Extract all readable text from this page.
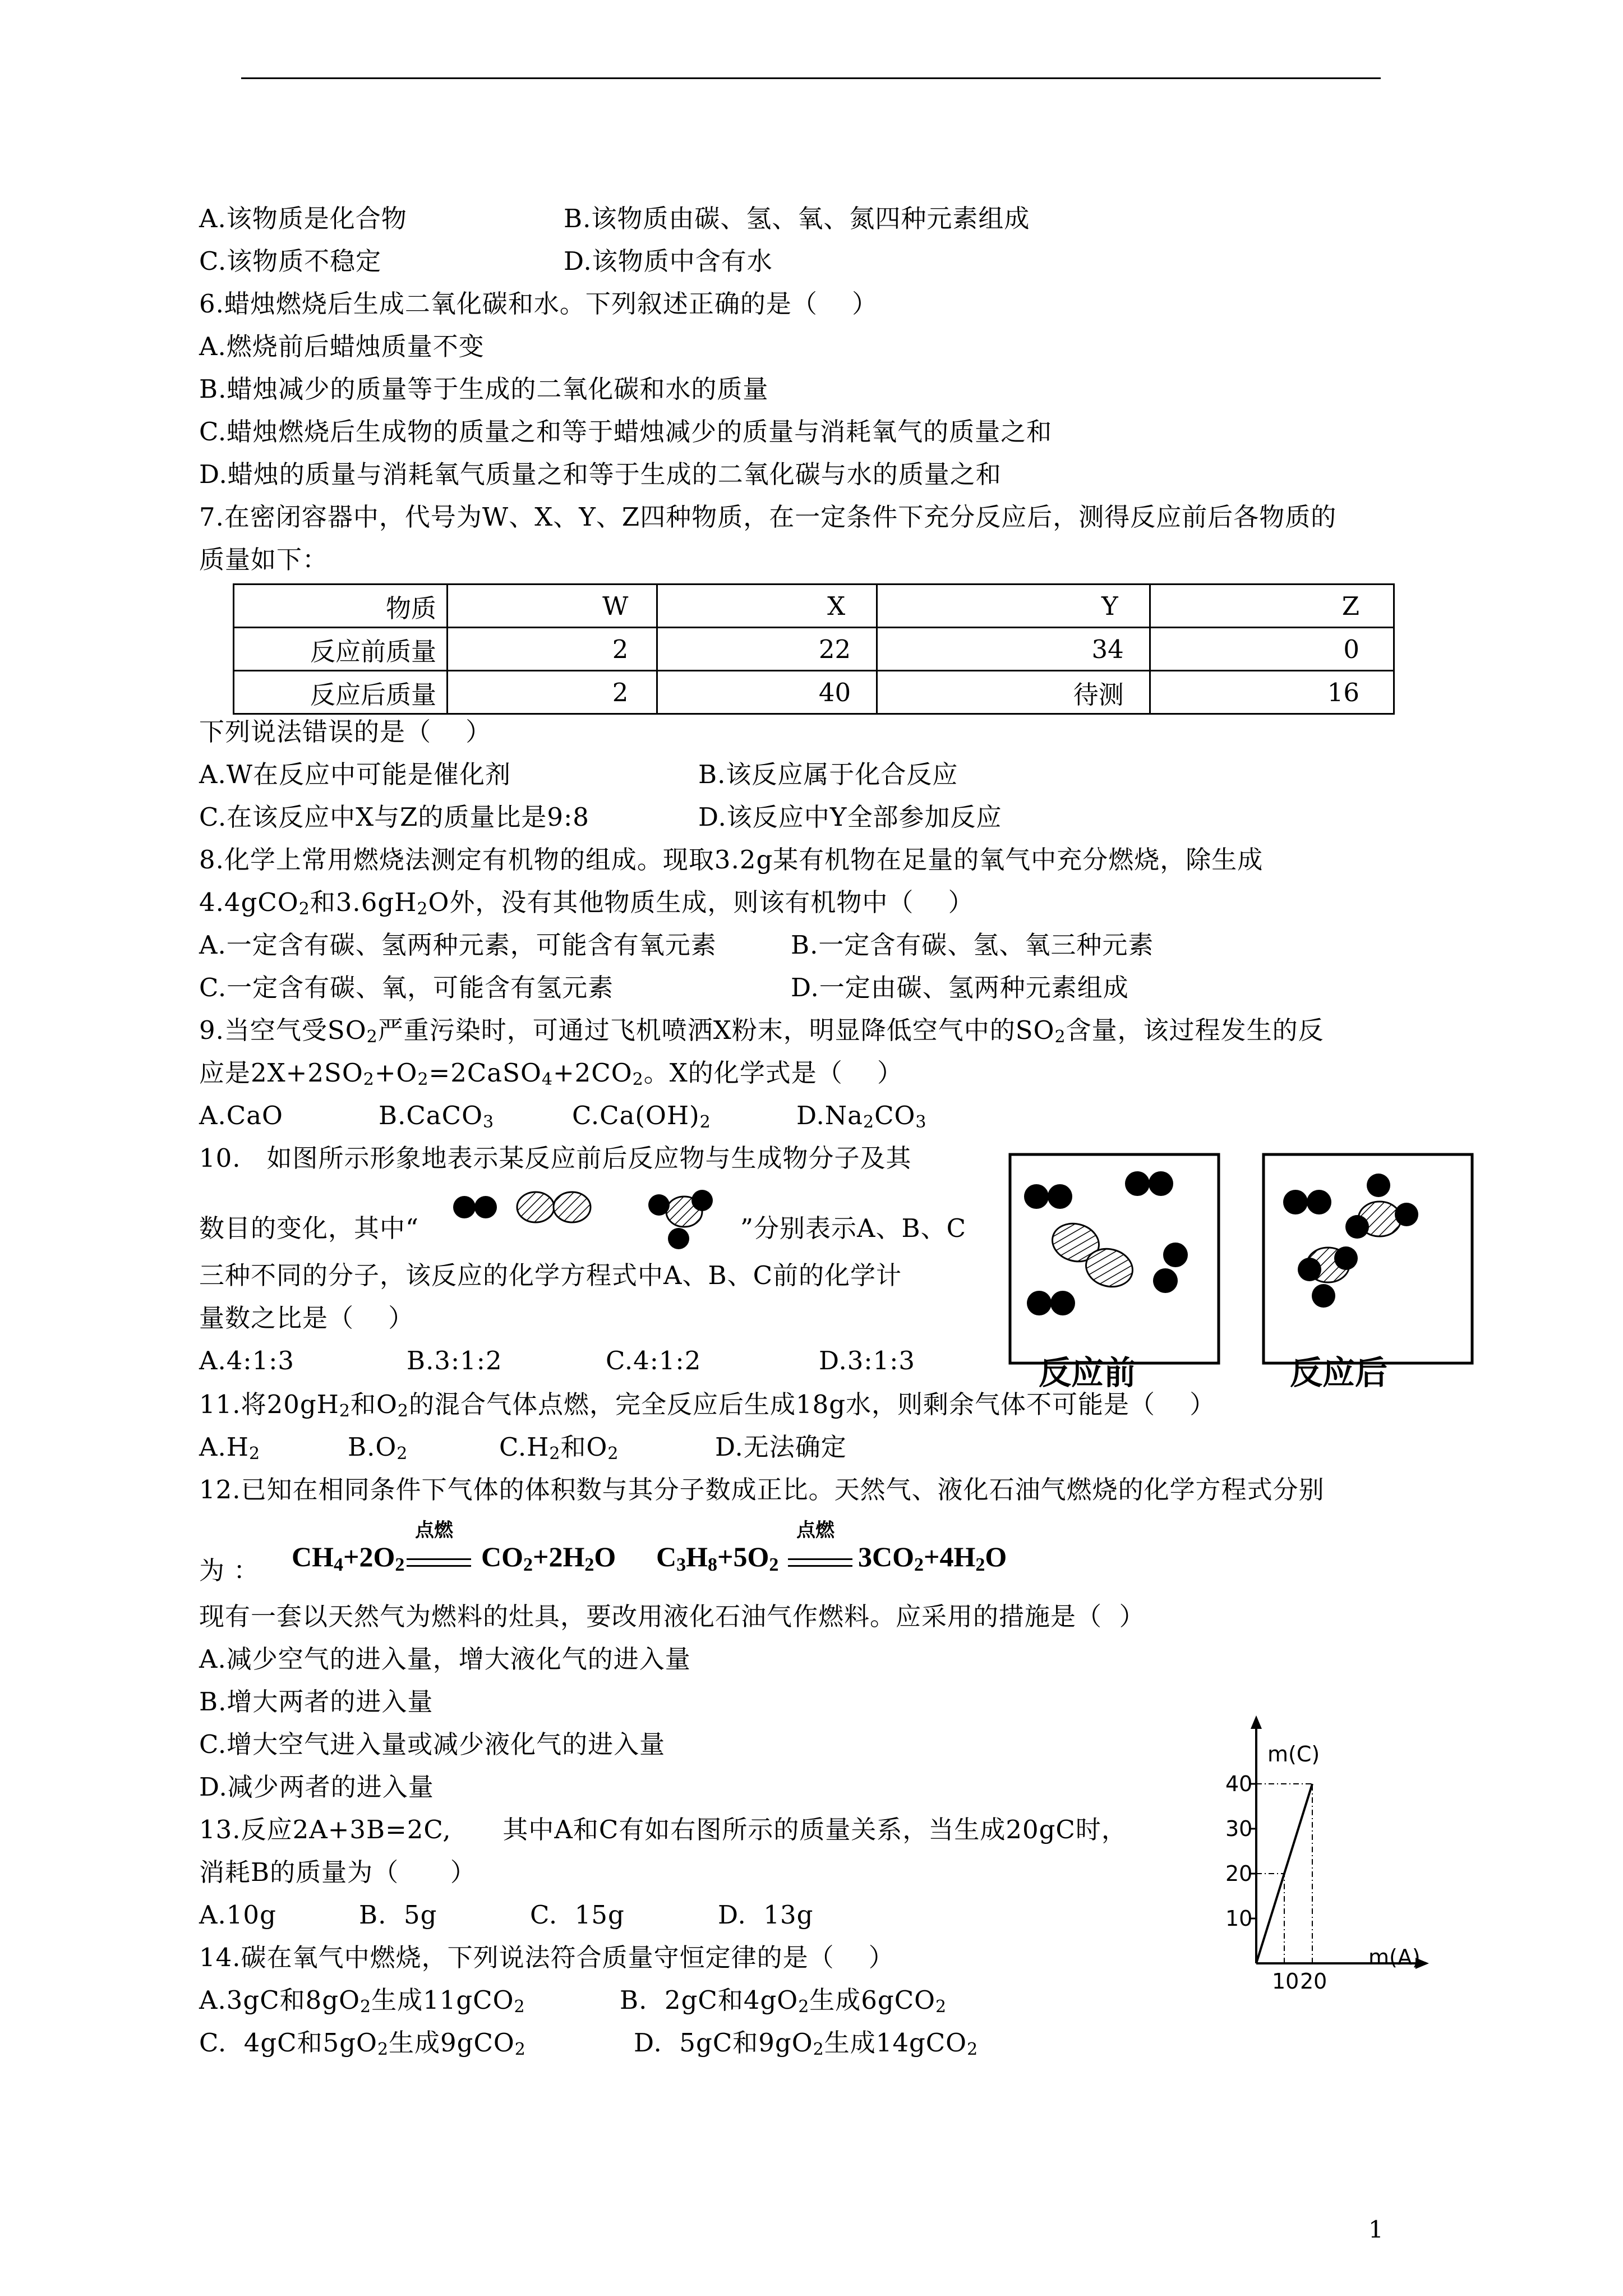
A.该物质是化合物	B.该物质由碳、氢、氧、氮四种元素组成
C.该物质不稳定	D.该物质中含有水
6.蜡烛燃烧后生成二氧化碳和水。下列叙述正确的是（    ）
A.燃烧前后蜡烛质量不变
B.蜡烛减少的质量等于生成的二氧化碳和水的质量
C.蜡烛燃烧后生成物的质量之和等于蜡烛减少的质量与消耗氧气的质量之和
D.蜡烛的质量与消耗氧气质量之和等于生成的二氧化碳与水的质量之和
7.在密闭容器中，代号为W、X、Y、Z四种物质，在一定条件下充分反应后，测得反应前后各物质的
质量如下：
物质	W	X	Y	Z
反应前质量	2	22	34	0
反应后质量	2	40	待测	16
下列说法错误的是（    ）
A.W在反应中可能是催化剂	B.该反应属于化合反应
C.在该反应中X与Z的质量比是9:8	D.该反应中Y全部参加反应
8.化学上常用燃烧法测定有机物的组成。现取3.2g某有机物在足量的氧气中充分燃烧，除生成
4.4gCO$_2$和$3.6gH_2O$外，没有其他物质生成，则该有机物中（    ）
A.一定含有碳、氢两种元素，可能含有氧元素	B.一定含有碳、氢、氧三种元素
C.一定含有碳、氧，可能含有氢元素	D.一定由碳、氢两种元素组成
9.当空气受$SO_2$严重污染时，可通过飞机喷洒X粉末，明显降低空气中的$SO_2$含量，该过程发生的反
应是$2X+2SO_2+O_2=2CaSO_4+2CO_2$。X的化学式是（    ）
A.CaO	B.CaCO$_3$	$C.Ca(OH)_2$	$D.Na_2CO_3$
10.   如图所示形象地表示某反应前后反应物与生成物分子及其
数目的变化，其中“	”分别表示A、B、C
三种不同的分子，该反应的化学方程式中A、B、C前的化学计
量数之比是（    ）
A.4:1:3	B.3:1:2	C.4:1:2	D.3:1:3	反应前	反应后
11.将$20gH_2$和$O_2$的混合气体点燃，完全反应后生成18g水，则剩余气体不可能是（    ）
$A.H_2$	$B.O_2$	$C.H_2$和$O_2$	D.无法确定
12.已知在相同条件下气体的体积数与其分子数成正比。天然气、液化石油气燃烧的化学方程式分别
为 ： $CH_4+2O_2$
点燃
$CO_2+2H_2O$ $C_3H_8+5O_2$
点燃
$3CO_2+4H_2O$
现有一套以天然气为燃料的灶具，要改用液化石油气作燃料。应采用的措施是（  ）
A.减少空气的进入量，增大液化气的进入量
B.增大两者的进入量
C.增大空气进入量或减少液化气的进入量
D.减少两者的进入量
13.反应2A+3B=2C,      其中A和C有如右图所示的质量关系，当生成20gC时，
消耗B的质量为（      ）
A.10g	B.  5g	C.  15g	D.  13g
m(C)
m(A)
10
20
30
40
10 20
14.碳在氧气中燃烧，下列说法符合质量守恒定律的是（    ）
A.3gC和$8gO_2$生成11gCO$_2$	B.  2gC和$4gO_2$生成6gCO$_2$
C.  4gC和$5gO_2$生成9gCO$_2$	D.  5gC和$9gO_2$生成14gCO$_2$
1
